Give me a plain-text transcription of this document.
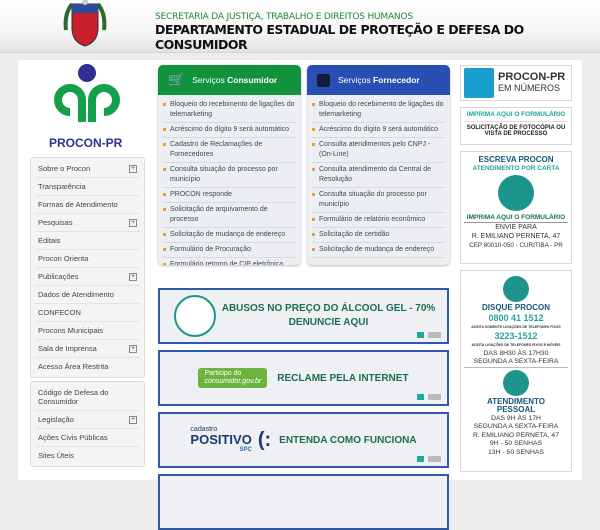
SECRETARIA DA JUSTIÇA, TRABALHO E DIREITOS HUMANOS
DEPARTAMENTO ESTADUAL DE PROTEÇÃO E DEFESA DO CONSUMIDOR
PROCON-PR
Sobre o Procon	+
Transparência
Formas de Atendimento
Pesquisas	+
Editais
Procon Orienta
Publicações	+
Dados de Atendimento
CONFECON
Procons Municipais
Sala de Imprensa	+
Acesso Área Restrita
Código de Defesa do Consumidor
Legislação	+
Ações Civis Públicas
Sites Úteis
🛒 Serviços Consumidor
Bloqueio do recebimento de ligações do telemarketing
Acréscimo do dígito 9 será automático
Cadastro de Reclamações de Fornecedores
Consulta situação do processo por município
PROCON responde
Solicitação de arquivamento de processo
Solicitação de mudança de endereço
Formulário de Procuração
Formulário retorno de CIP eletrônica
Serviços Fornecedor
Bloqueio do recebimento de ligações do telemarketing
Acréscimo do dígito 9 será automático
Consulta atendimentos pelo CNPJ - (On-Line)
Consulta atendimento da Central de Resolução
Consulta situação do processo por município
Formulário de relatório econômico
Solicitação de certidão
Solicitação de mudança de endereço
ABUSOS NO PREÇO DO ÁLCOOL GEL - 70%
DENUNCIE AQUI
Participo do
consumidor.gov.br	RECLAME PELA INTERNET
cadastro
POSITIVO
SPC (: ENTENDA COMO FUNCIONA
PROCON-PR
EM NÚMEROS
IMPRIMA AQUI O FORMULÁRIO
SOLICITAÇÃO DE FOTOCÓPIA OU VISTA DE PROCESSO
ESCREVA PROCON
ATENDIMENTO POR CARTA
IMPRIMA AQUI O FORMULÁRIO
ENVIE PARA
R. EMILIANO PERNETA, 47
CEP 80010-050 - CURITIBA - PR
DISQUE PROCON
0800 41 1512
ACEITA SOMENTE LIGAÇÕES DE TELEFONES FIXOS
3223-1512
ACEITA LIGAÇÕES DE TELEFONES FIXOS E MÓVEIS
DAS 8H30 ÀS 17H30
SEGUNDA A SEXTA-FEIRA
ATENDIMENTO
PESSOAL
DAS 9H ÀS 17H
SEGUNDA A SEXTA-FEIRA
R. EMILIANO PERNETA, 47
9H - 50 SENHAS
13H - 50 SENHAS
